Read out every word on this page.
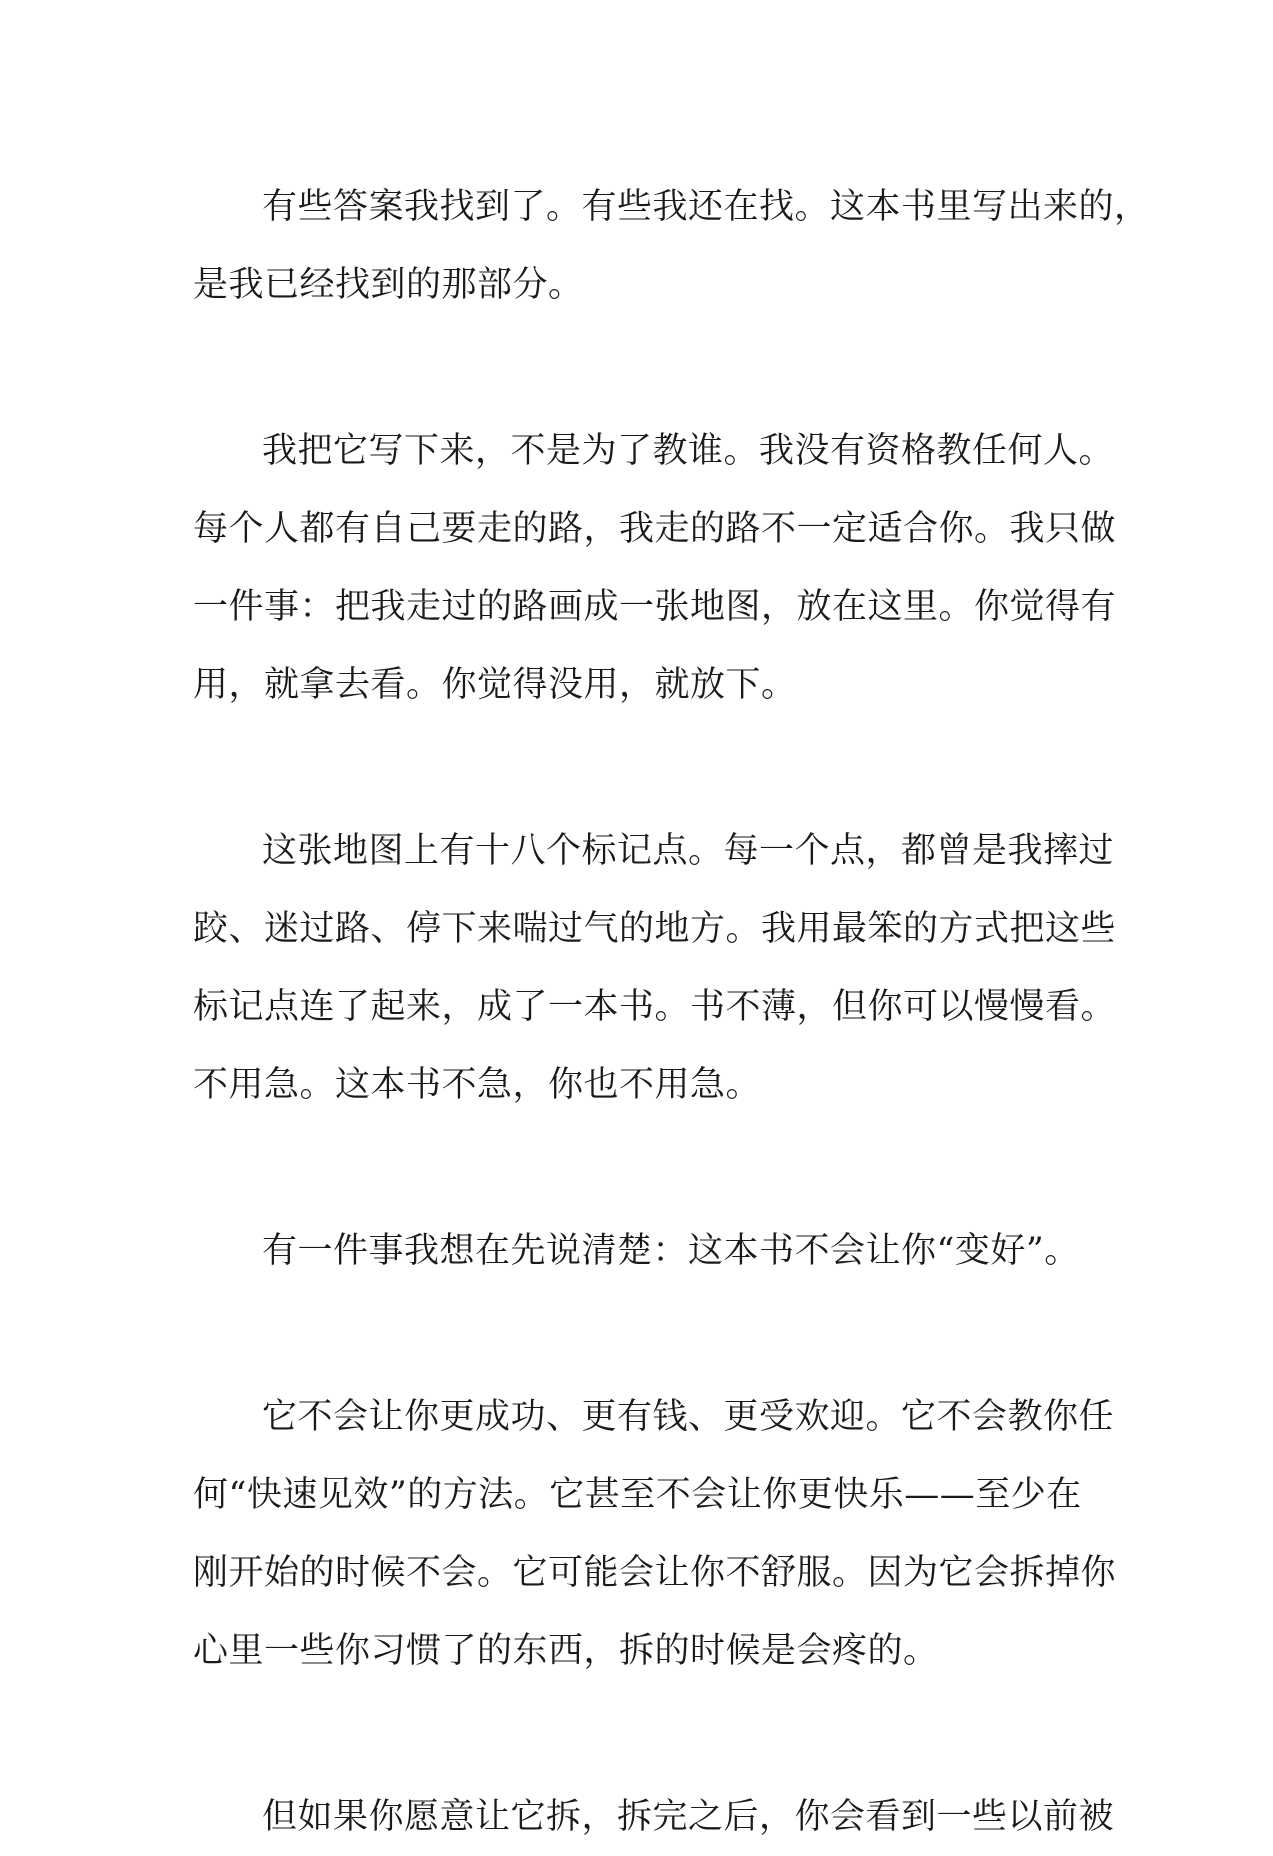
有些答案我找到了。有些我还在找。这本书里写出来的，
是我已经找到的那部分。
我把它写下来，不是为了教谁。我没有资格教任何人。
每个人都有自己要走的路，我走的路不一定适合你。我只做
一件事：把我走过的路画成一张地图，放在这里。你觉得有
用，就拿去看。你觉得没用，就放下。
这张地图上有十八个标记点。每一个点，都曾是我摔过
跤、迷过路、停下来喘过气的地方。我用最笨的方式把这些
标记点连了起来，成了一本书。书不薄，但你可以慢慢看。
不用急。这本书不急，你也不用急。
有一件事我想在先说清楚：这本书不会让你“变好”。
它不会让你更成功、更有钱、更受欢迎。它不会教你任
何“快速见效”的方法。它甚至不会让你更快乐——至少在
刚开始的时候不会。它可能会让你不舒服。因为它会拆掉你
心里一些你习惯了的东西，拆的时候是会疼的。
但如果你愿意让它拆，拆完之后，你会看到一些以前被
